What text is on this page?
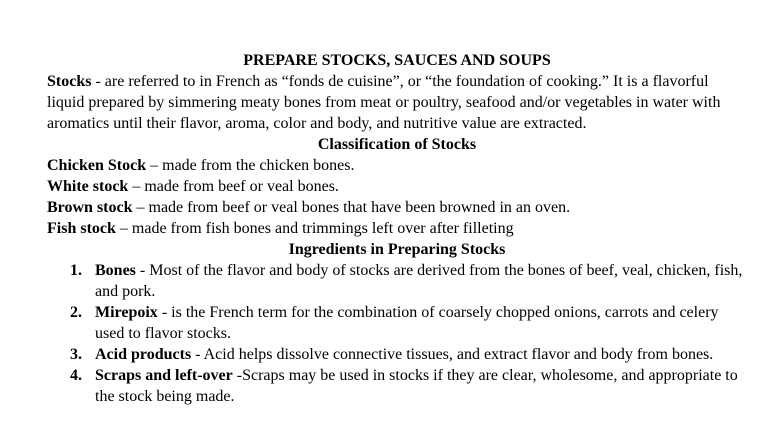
PREPARE STOCKS, SAUCES AND SOUPS

Stocks - are referred to in French as “fonds de cuisine”, or “the foundation of cooking.” It is a flavorful liquid prepared by simmering meaty bones from meat or poultry, seafood and/or vegetables in water with aromatics until their flavor, aroma, color and body, and nutritive value are extracted.

Classification of Stocks

Chicken Stock – made from the chicken bones.

White stock – made from beef or veal bones.

Brown stock – made from beef or veal bones that have been browned in an oven.

Fish stock – made from fish bones and trimmings left over after filleting

Ingredients in Preparing Stocks

1. Bones - Most of the flavor and body of stocks are derived from the bones of beef, veal, chicken, fish, and pork.
2. Mirepoix - is the French term for the combination of coarsely chopped onions, carrots and celery used to flavor stocks.
3. Acid products - Acid helps dissolve connective tissues, and extract flavor and body from bones.
4. Scraps and left-over -Scraps may be used in stocks if they are clear, wholesome, and appropriate to the stock being made.
